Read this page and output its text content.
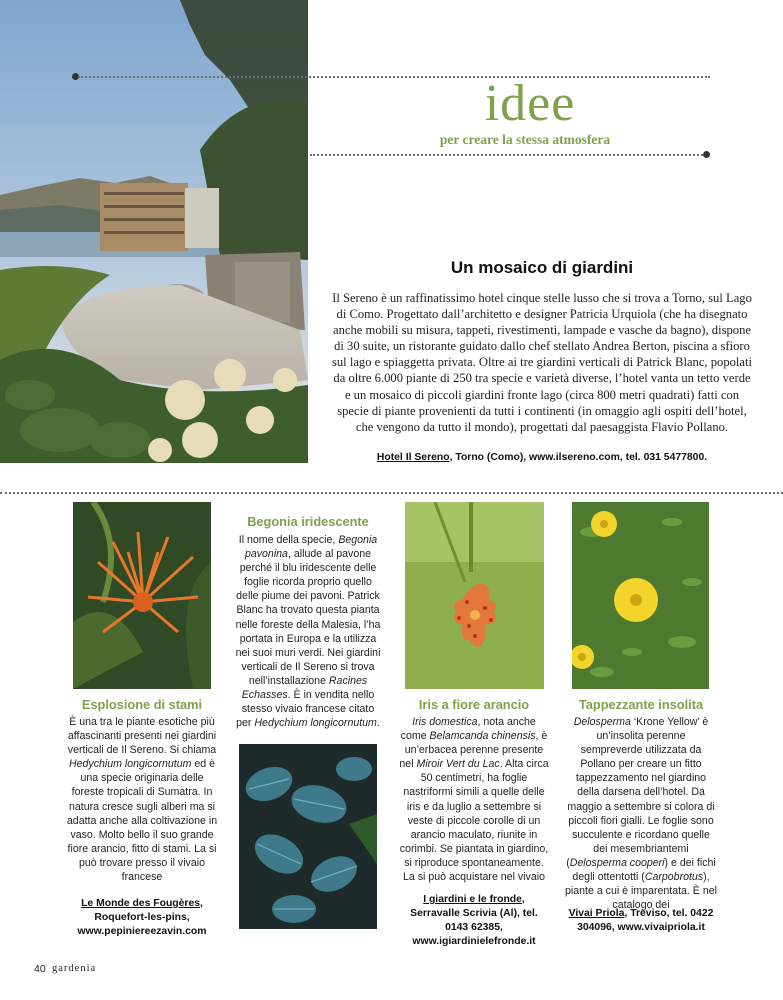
idee
per creare la stessa atmosfera
Un mosaico di giardini
Il Sereno è un raffinatissimo hotel cinque stelle lusso che si trova a Torno, sul Lago di Como. Progettato dall’architetto e designer Patricia Urquiola (che ha disegnato anche mobili su misura, tappeti, rivestimenti, lampade e vasche da bagno), dispone di 30 suite, un ristorante guidato dallo chef stellato Andrea Berton, piscina a sfioro sul lago e spiaggetta privata. Oltre ai tre giardini verticali di Patrick Blanc, popolati da oltre 6.000 piante di 250 tra specie e varietà diverse, l’hotel vanta un tetto verde e un mosaico di piccoli giardini fronte lago (circa 800 metri quadrati) fatti con specie di piante provenienti da tutti i continenti (in omaggio agli ospiti dell’hotel, che vengono da tutto il mondo), progettati dal paesaggista Flavio Pollano.
Hotel Il Sereno, Torno (Como), www.ilsereno.com, tel. 031 5477800.
Esplosione di stami
È una tra le piante esotiche più affascinanti presenti nei giardini verticali de Il Sereno. Si chiama Hedychium longicornutum ed è una specie originaria delle foreste tropicali di Sumatra. In natura cresce sugli alberi ma si adatta anche alla coltivazione in vaso. Molto bello il suo grande fiore arancio, fitto di stami. La si può trovare presso il vivaio francese
Le Monde des Fougères, Roquefort-les-pins, www.pepiniereezavin.com
Begonia iridescente
Il nome della specie, Begonia pavonina, allude al pavone perché il blu iridescente delle foglie ricorda proprio quello delle piume dei pavoni. Patrick Blanc ha trovato questa pianta nelle foreste della Malesia, l’ha portata in Europa e la utilizza nei suoi muri verdi. Nei giardini verticali de Il Sereno si trova nell’installazione Racines Echasses. È in vendita nello stesso vivaio francese citato per Hedychium longicornutum.
Iris a fiore arancio
Iris domestica, nota anche come Belamcanda chinensis, è un’erbacea perenne presente nel Miroir Vert du Lac. Alta circa 50 centimetri, ha foglie nastriformi simili a quelle delle iris e da luglio a settembre si veste di piccole corolle di un arancio maculato, riunite in corimbi. Se piantata in giardino, si riproduce spontaneamente. La si può acquistare nel vivaio
I giardini e le fronde, Serravalle Scrivia (Al), tel. 0143 62385, www.igiardinielefronde.it
Tappezzante insolita
Delosperma ‘Krone Yellow’ è un’insolita perenne sempreverde utilizzata da Pollano per creare un fitto tappezzamento nel giardino della darsena dell’hotel. Da maggio a settembre si colora di piccoli fiori gialli. Le foglie sono succulente e ricordano quelle dei mesembriantemi (Delosperma cooperi) e dei fichi degli ottentotti (Carpobrotus), piante a cui è imparentata. È nel catalogo dei
Vivai Priola, Treviso, tel. 0422 304096, www.vivaipriola.it
40 gardenia
